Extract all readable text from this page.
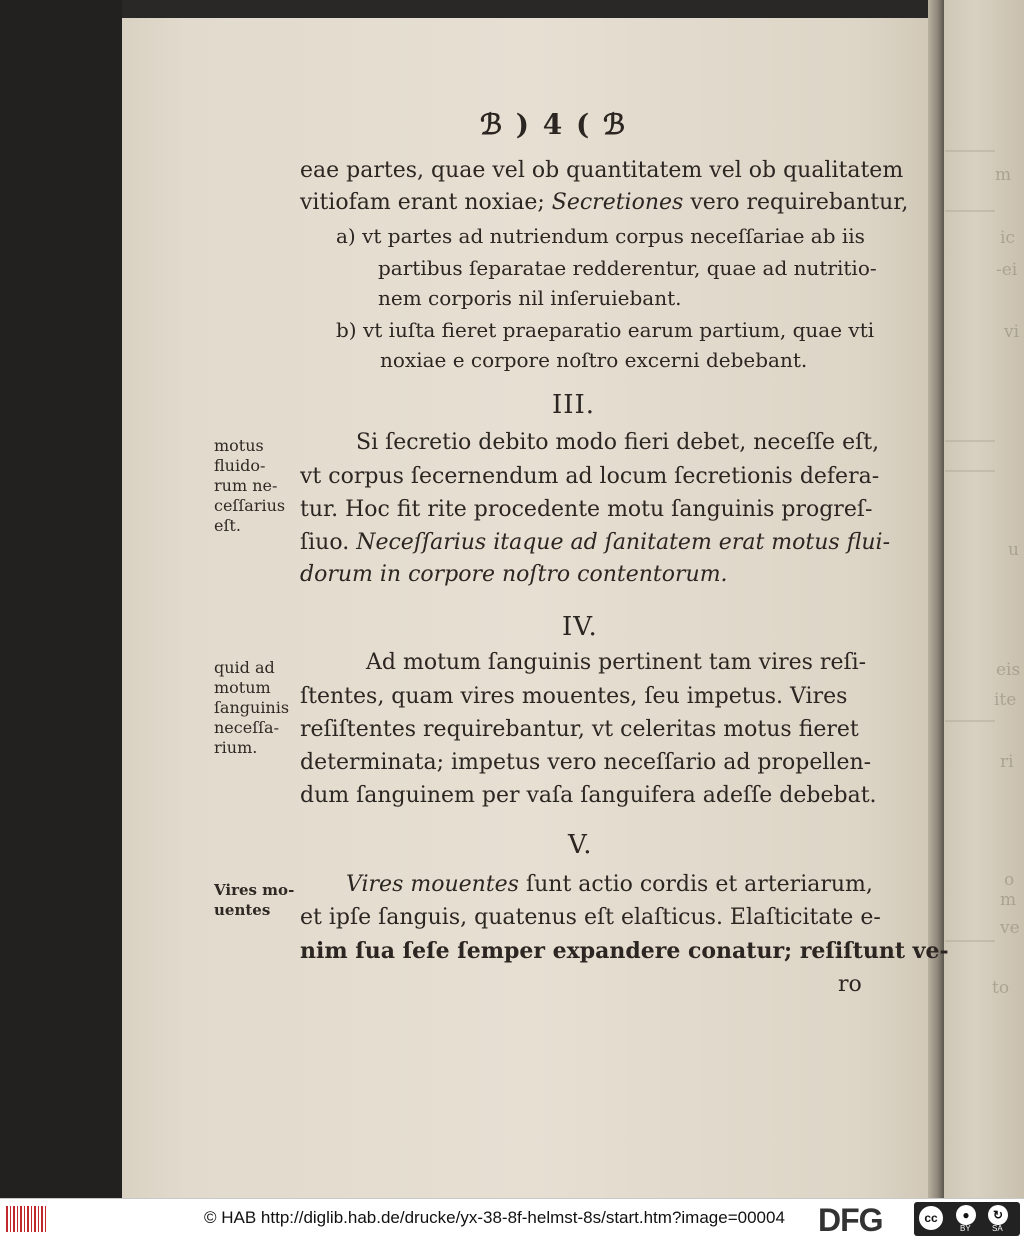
m
ic
-ei
vi
u
eis
ite
ri
o
m
ve
to
ℬ ) 4 ( ℬ
eae partes, quae vel ob quantitatem vel ob qualitatem
vitiofam erant noxiae; Secretiones vero requirebantur,
a) vt partes ad nutriendum corpus neceſſariae ab iis
partibus ſeparatae redderentur, quae ad nutritio-
nem corporis nil inſeruiebant.
b) vt iuſta fieret praeparatio earum partium, quae vti
noxiae e corpore noſtro excerni debebant.
III.
Si ſecretio debito modo fieri debet, neceſſe eſt,
vt corpus ſecernendum ad locum ſecretionis defera-
tur. Hoc fit rite procedente motu ſanguinis progreſ-
ſiuo. Neceſſarius itaque ad ſanitatem erat motus flui-
dorum in corpore noſtro contentorum.
motus
fluido-
rum ne-
ceſſarius
eſt.
IV.
Ad motum ſanguinis pertinent tam vires reſi-
ſtentes, quam vires mouentes, ſeu impetus. Vires
reſiſtentes requirebantur, vt celeritas motus fieret
determinata; impetus vero neceſſario ad propellen-
dum ſanguinem per vaſa ſanguifera adeſſe debebat.
quid ad
motum
ſanguinis
neceſſa-
rium.
V.
Vires mouentes ſunt actio cordis et arteriarum,
et ipſe ſanguis, quatenus eſt elaſticus. Elaſticitate e-
nim ſua ſeſe ſemper expandere conatur; reſiſtunt ve-
ro
Vires mo-
uentes
© HAB http://diglib.hab.de/drucke/yx-38-8f-helmst-8s/start.htm?image=00004 DFG	cc	●	↻
BY	SA
